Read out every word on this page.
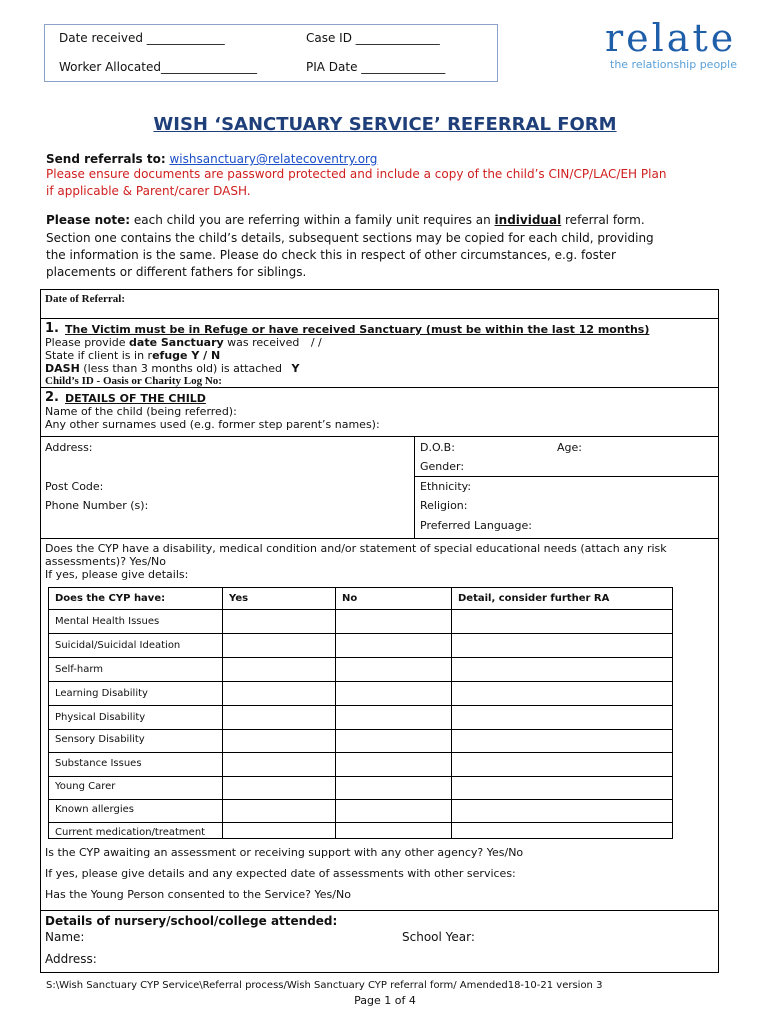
Date received _____________	Case ID ______________
Worker Allocated________________	PIA Date ______________
relate
the relationship people
WISH ‘SANCTUARY SERVICE’ REFERRAL FORM
Send referrals to: wishsanctuary@relatecoventry.org
Please ensure documents are password protected and include a copy of the child’s CIN/CP/LAC/EH Plan
if applicable & Parent/carer DASH.
Please note: each child you are referring within a family unit requires an individual referral form.
Section one contains the child’s details, subsequent sections may be copied for each child, providing
the information is the same. Please do check this in respect of other circumstances, e.g. foster
placements or different fathers for siblings.
Date of Referral:
1. The Victim must be in Refuge or have received Sanctuary (must be within the last 12 months)
Please provide date Sanctuary was received / /
State if client is in refuge Y / N
DASH (less than 3 months old) is attached Y
Child’s ID - Oasis or Charity Log No:
2. DETAILS OF THE CHILD
Name of the child (being referred):
Any other surnames used (e.g. former step parent’s names):
Address:	D.O.B:	Age:
Gender:
Post Code:	Ethnicity:
Phone Number (s):	Religion:
Preferred Language:
Does the CYP have a disability, medical condition and/or statement of special educational needs (attach any risk
assessments)? Yes/No
If yes, please give details:
Does the CYP have:	Yes	No	Detail, consider further RA
Mental Health Issues
Suicidal/Suicidal Ideation
Self-harm
Learning Disability
Physical Disability
Sensory Disability
Substance Issues
Young Carer
Known allergies
Current medication/treatment
Is the CYP awaiting an assessment or receiving support with any other agency? Yes/No
If yes, please give details and any expected date of assessments with other services:
Has the Young Person consented to the Service? Yes/No
Details of nursery/school/college attended:
Name:	School Year:
Address:
S:\Wish Sanctuary CYP Service\Referral process/Wish Sanctuary CYP referral form/ Amended18-10-21 version 3
Page 1 of 4
